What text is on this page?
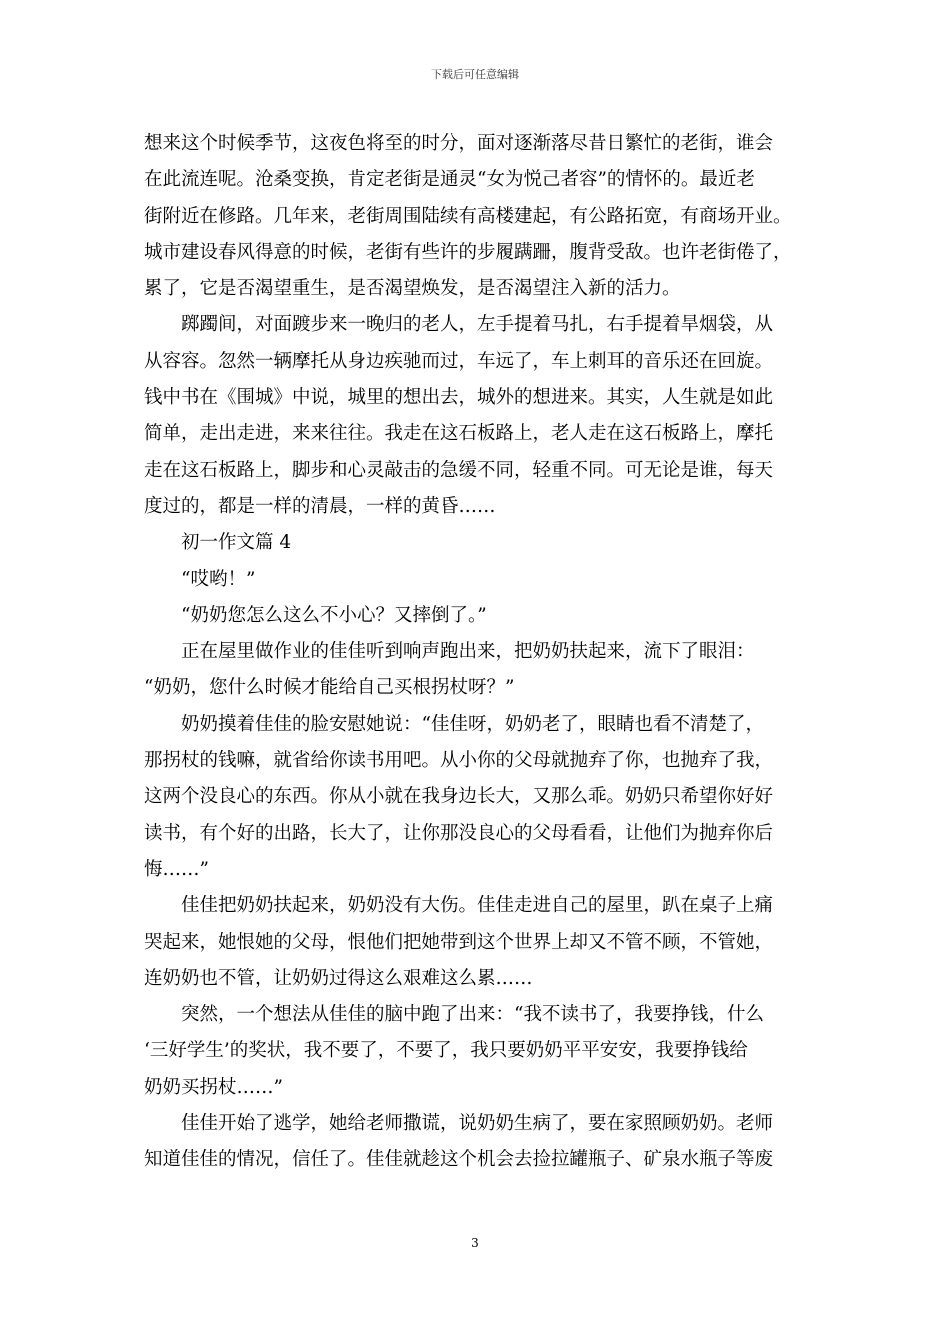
下载后可任意编辑

想来这个时候季节，这夜色将至的时分，面对逐渐落尽昔日繁忙的老街，谁会
在此流连呢。沧桑变换，肯定老街是通灵“女为悦己者容”的情怀的。最近老
街附近在修路。几年来，老街周围陆续有高楼建起，有公路拓宽，有商场开业。
城市建设春风得意的时候，老街有些许的步履蹒跚，腹背受敌。也许老街倦了，
累了，它是否渴望重生，是否渴望焕发，是否渴望注入新的活力。
踯躅间，对面踱步来一晚归的老人，左手提着马扎，右手提着旱烟袋，从
从容容。忽然一辆摩托从身边疾驰而过，车远了，车上刺耳的音乐还在回旋。
钱中书在《围城》中说，城里的想出去，城外的想进来。其实，人生就是如此
简单，走出走进，来来往往。我走在这石板路上，老人走在这石板路上，摩托
走在这石板路上，脚步和心灵敲击的急缓不同，轻重不同。可无论是谁，每天
度过的，都是一样的清晨，一样的黄昏……
初一作文篇 4
“哎哟！”
“奶奶您怎么这么不小心？又摔倒了。”
正在屋里做作业的佳佳听到响声跑出来，把奶奶扶起来，流下了眼泪：
“奶奶，您什么时候才能给自己买根拐杖呀？”
奶奶摸着佳佳的脸安慰她说：“佳佳呀，奶奶老了，眼睛也看不清楚了，
那拐杖的钱嘛，就省给你读书用吧。从小你的父母就抛弃了你，也抛弃了我，
这两个没良心的东西。你从小就在我身边长大，又那么乖。奶奶只希望你好好
读书，有个好的出路，长大了，让你那没良心的父母看看，让他们为抛弃你后
悔……”
佳佳把奶奶扶起来，奶奶没有大伤。佳佳走进自己的屋里，趴在桌子上痛
哭起来，她恨她的父母，恨他们把她带到这个世界上却又不管不顾，不管她，
连奶奶也不管，让奶奶过得这么艰难这么累……
突然，一个想法从佳佳的脑中跑了出来：“我不读书了，我要挣钱，什么
‘三好学生’的奖状，我不要了，不要了，我只要奶奶平平安安，我要挣钱给
奶奶买拐杖……”
佳佳开始了逃学，她给老师撒谎，说奶奶生病了，要在家照顾奶奶。老师
知道佳佳的情况，信任了。佳佳就趁这个机会去捡拉罐瓶子、矿泉水瓶子等废

3
